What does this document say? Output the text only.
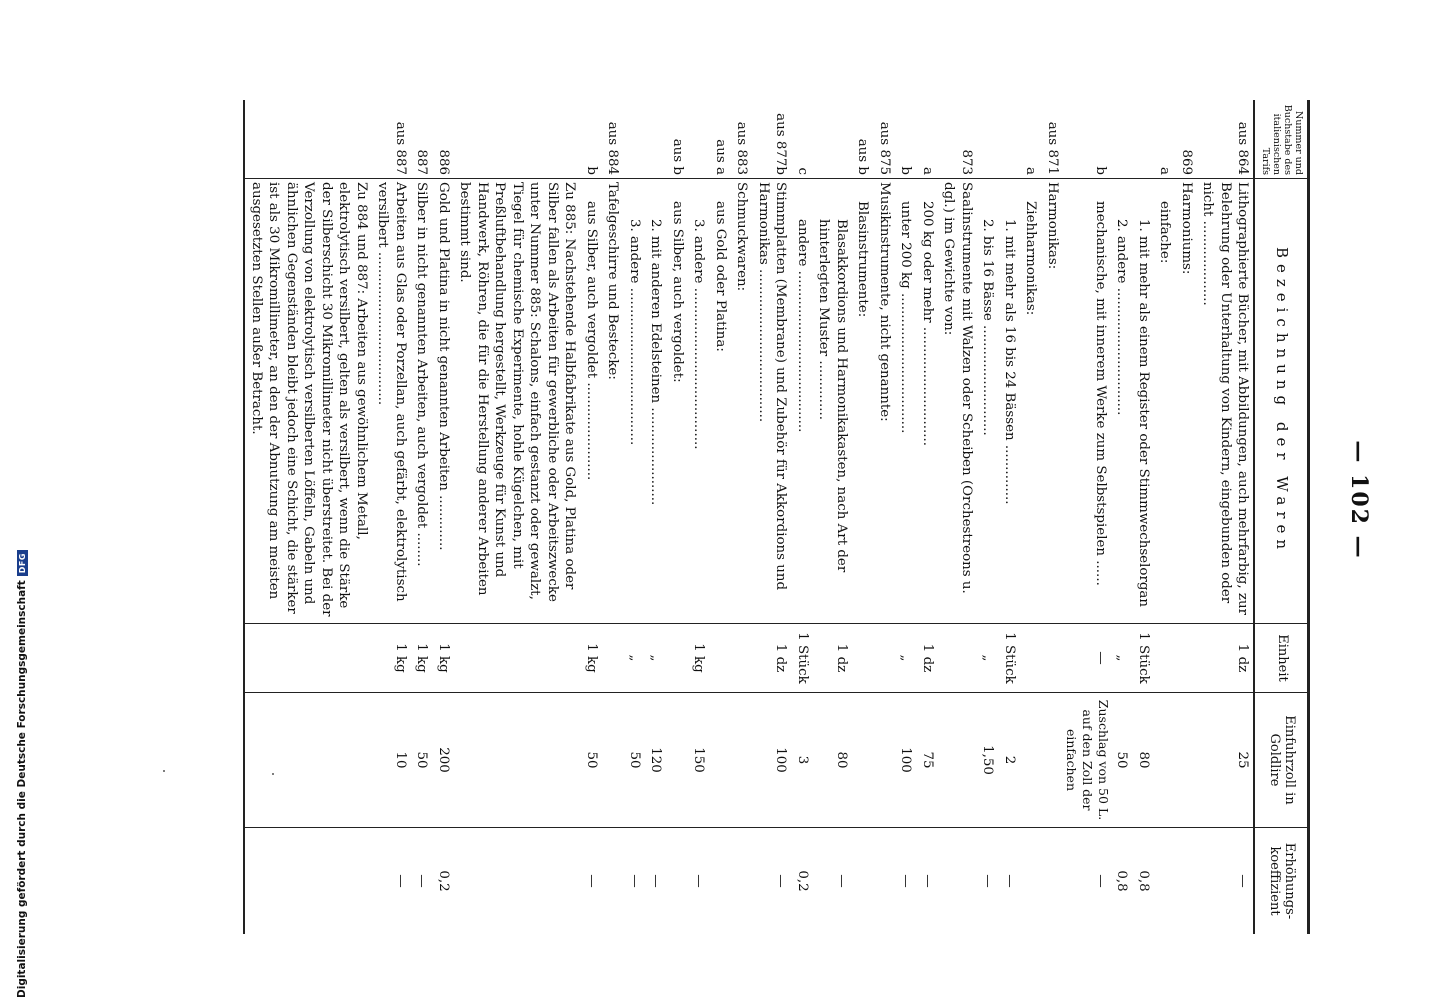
— 102 —
Nummer und Buchstabe des italienischen Tarifs	Bezeichnung der Waren	Einheit	Einfuhrzoll in Goldlire	Erhöhungs-koeffizient
aus 864	Lithographierte Bücher, mit Abbildungen, auch mehrfarbig, zur Belehrung oder Unterhaltung von Kindern, eingebunden oder nicht ....................	1 dz	25	—
869	Harmoniums:			
a	einfache:			
	1. mit mehr als einem Register oder Stimmwechselorgan	1 Stück	80	0,8
	2. andere ..............................	„	50	0,8
b	mechanische, mit innerem Werke zum Selbstspielen ......	—	Zuschlag von 50 L. auf den Zoll der einfachen	—
aus 871	Harmonikas:			
a	Ziehharmonikas:			
	1. mit mehr als 16 bis 24 Bässen ..............	1 Stück	2	—
	2. bis 16 Bässe ..........................	„	1,50	—
873	Saalinstrumente mit Walzen oder Scheiben (Orchestreons u. dgl.) im Gewichte von:			
a	200 kg oder mehr ............................	1 dz	75	—
b	unter 200 kg .................................	„	100	—
aus 875	Musikinstrumente, nicht genannte:			
aus b	Blasinstrumente:			
	Blasakkordions und Harmonikakasten, nach Art der hinterlegten Muster ..............	1 dz	80	—
c	andere ......................................	1 Stück	3	0,2
aus 877b	Stimmplatten (Membrane) und Zubehör für Akkordions und Harmonikas ....................................	1 dz	100	—
aus 883	Schmuckwaren:			
aus a	aus Gold oder Platina:			
	3. andere ......................................	1 kg	150	—
aus b	aus Silber, auch vergoldet:			
	2. mit anderen Edelsteinen .......................	„	120	—
	3. andere .....................................	„	50	—
aus 884	Tafelgeschirre und Bestecke:			
b	aus Silber, auch vergoldet .......................	1 kg	50	—
	Zu 885: Nachstehende Halbfabrikate aus Gold, Platina oder Silber fallen als Arbeiten für gewerbliche oder Arbeitszwecke unter Nummer 885: Schalons, einfach gestanzt oder gewalzt, Tiegel für chemische Experimente, hohle Kügelchen, mit Preßluftbehandlung hergestellt, Werkzeuge für Kunst und Handwerk, Röhren, die für die Herstellung anderer Arbeiten bestimmt sind.			
886	Gold und Platina in nicht genannten Arbeiten .............	1 kg	200	0,2
887	Silber in nicht genannten Arbeiten, auch vergoldet ........	1 kg	50	—
aus 887	Arbeiten aus Glas oder Porzellan, auch gefärbt, elektrolytisch versilbert ....................................	1 kg	10	—
	Zu 884 und 887: Arbeiten aus gewöhnlichem Metall, elektrolytisch versilbert, gelten als versilbert, wenn die Stärke der Silberschicht 30 Mikromillimeter nicht überstreitet. Bei der Verzollung von elektrolytisch versilberten Löffeln, Gabeln und ähnlichen Gegenständen bleibt jedoch eine Schicht, die stärker ist als 30 Mikromillimeter, an den der Abnutzung am meisten ausgesetzten Stellen außer Betracht.			
Digitalisierung gefördert durch die Deutsche Forschungsgemeinschaft
DFG
